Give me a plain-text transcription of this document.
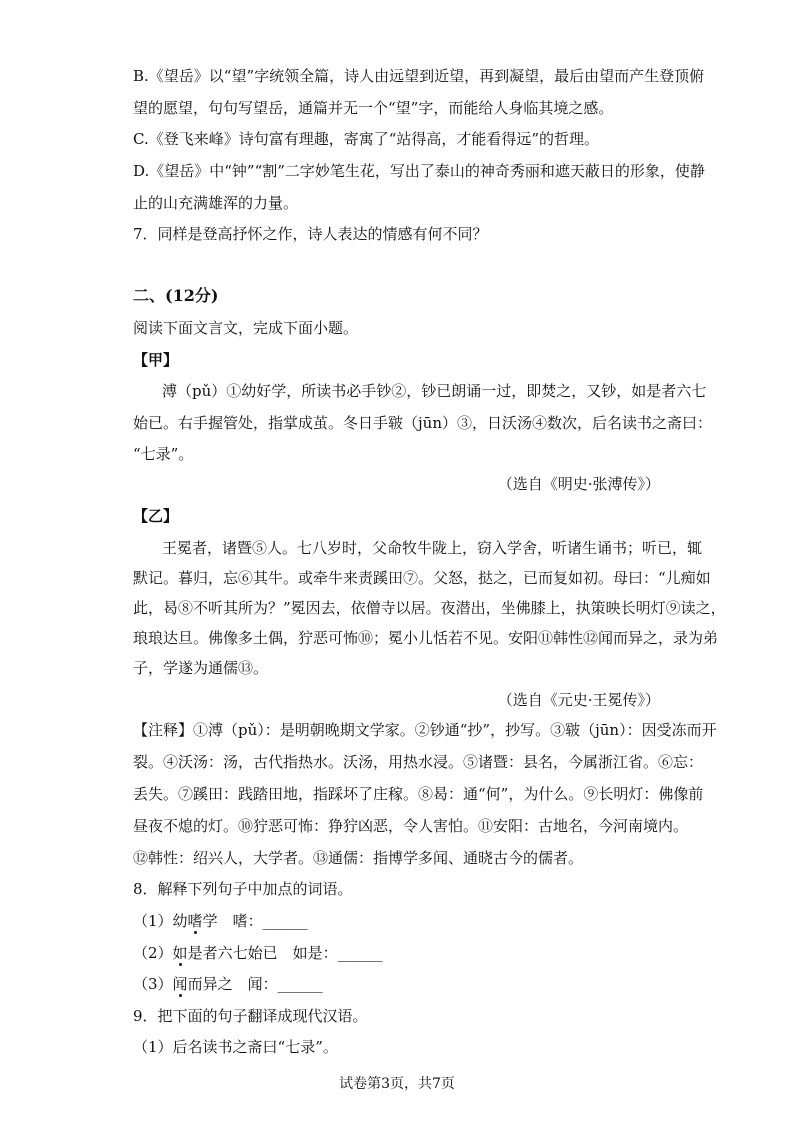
B.《望岳》以“望”字统领全篇，诗人由远望到近望，再到凝望，最后由望而产生登顶俯
望的愿望，句句写望岳，通篇并无一个“望”字，而能给人身临其境之感。
C.《登飞来峰》诗句富有理趣，寄寓了“站得高，才能看得远”的哲理。
D.《望岳》中“钟”“割”二字妙笔生花，写出了泰山的神奇秀丽和遮天蔽日的形象，使静
止的山充满雄浑的力量。
7．同样是登高抒怀之作，诗人表达的情感有何不同？
二、(12分)
阅读下面文言文，完成下面小题。
【甲】
溥（pǔ）①幼好学，所读书必手钞②，钞已朗诵一过，即焚之，又钞，如是者六七
始已。右手握管处，指掌成茧。冬日手皲（jūn）③，日沃汤④数次，后名读书之斋曰：
“七录”。
（选自《明史·张溥传》）
【乙】
王冕者，诸暨⑤人。七八岁时，父命牧牛陇上，窃入学舍，听诸生诵书；听已，辄
默记。暮归，忘⑥其牛。或牵牛来责蹊田⑦。父怒，挞之，已而复如初。母曰：“儿痴如
此，曷⑧不听其所为？”冕因去，依僧寺以居。夜潜出，坐佛膝上，执策映长明灯⑨读之，
琅琅达旦。佛像多土偶，狞恶可怖⑩；冕小儿恬若不见。安阳⑪韩性⑫闻而异之，录为弟
子，学遂为通儒⑬。
（选自《元史·王冕传》）
【注释】①溥（pǔ）：是明朝晚期文学家。②钞通“抄”，抄写。③皲（jūn）：因受冻而开
裂。④沃汤：汤，古代指热水。沃汤，用热水浸。⑤诸暨：县名，今属浙江省。⑥忘：
丢失。⑦蹊田：践踏田地，指踩坏了庄稼。⑧曷：通“何”，为什么。⑨长明灯：佛像前
昼夜不熄的灯。⑩狞恶可怖：狰狞凶恶，令人害怕。⑪安阳：古地名，今河南境内。
⑫韩性：绍兴人，大学者。⑬通儒：指博学多闻、通晓古今的儒者。
8．解释下列句子中加点的词语。
（1）幼嗜学　嗜：______
（2）如是者六七始已　如是：______
（3）闻而异之　闻：______
9．把下面的句子翻译成现代汉语。
（1）后名读书之斋曰“七录”。
试卷第3页，共7页
